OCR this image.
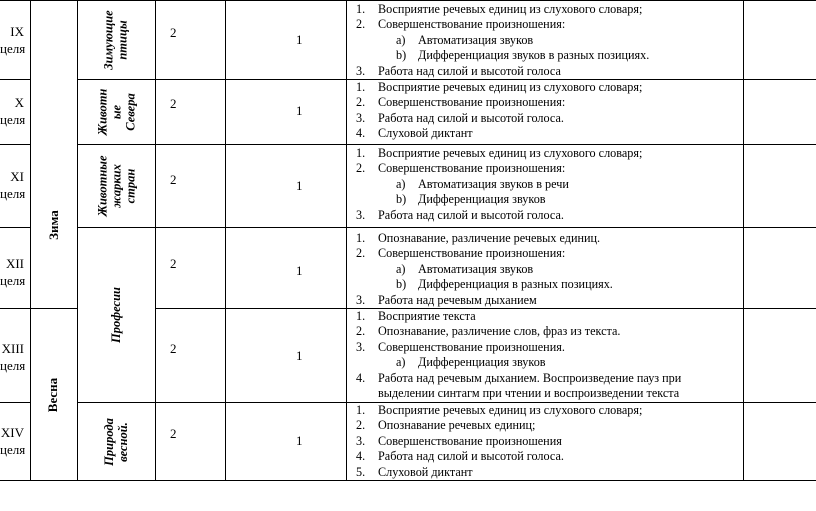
IX
целя
X
целя
XI
целя
XII
целя
XIII
целя
XIV
целя
Зима
Весна
Зимующие птицы
Животн ые Севера
Животные жарких стран
Професии
Природа весной.
2
2
2
2
2
2
1
1
1
1
1
1
1. Восприятие речевых единиц из слухового словаря;
2. Совершенствование произношения:
a) Автоматизация звуков
b) Дифференциация звуков в разных позициях.
3. Работа над силой и высотой голоса
1. Восприятие речевых единиц из слухового словаря;
2. Совершенствование произношения:
3. Работа над силой и высотой голоса.
4. Слуховой диктант
1. Восприятие речевых единиц из слухового словаря;
2. Совершенствование произношения:
a) Автоматизация звуков в речи
b) Дифференциация звуков
3. Работа над силой и высотой голоса.
1. Опознавание, различение речевых единиц.
2. Совершенствование произношения:
a) Автоматизация звуков
b) Дифференциация в разных позициях.
3. Работа над речевым дыханием
1. Восприятие текста
2. Опознавание, различение слов, фраз из текста.
3. Совершенствование произношения.
a) Дифференциация звуков
4. Работа над речевым дыханием. Воспроизведение пауз при
выделении синтагм при чтении и воспроизведении текста
1. Восприятие речевых единиц из слухового словаря;
2. Опознавание речевых единиц;
3. Совершенствование произношения
4. Работа над силой и высотой голоса.
5. Слуховой диктант
